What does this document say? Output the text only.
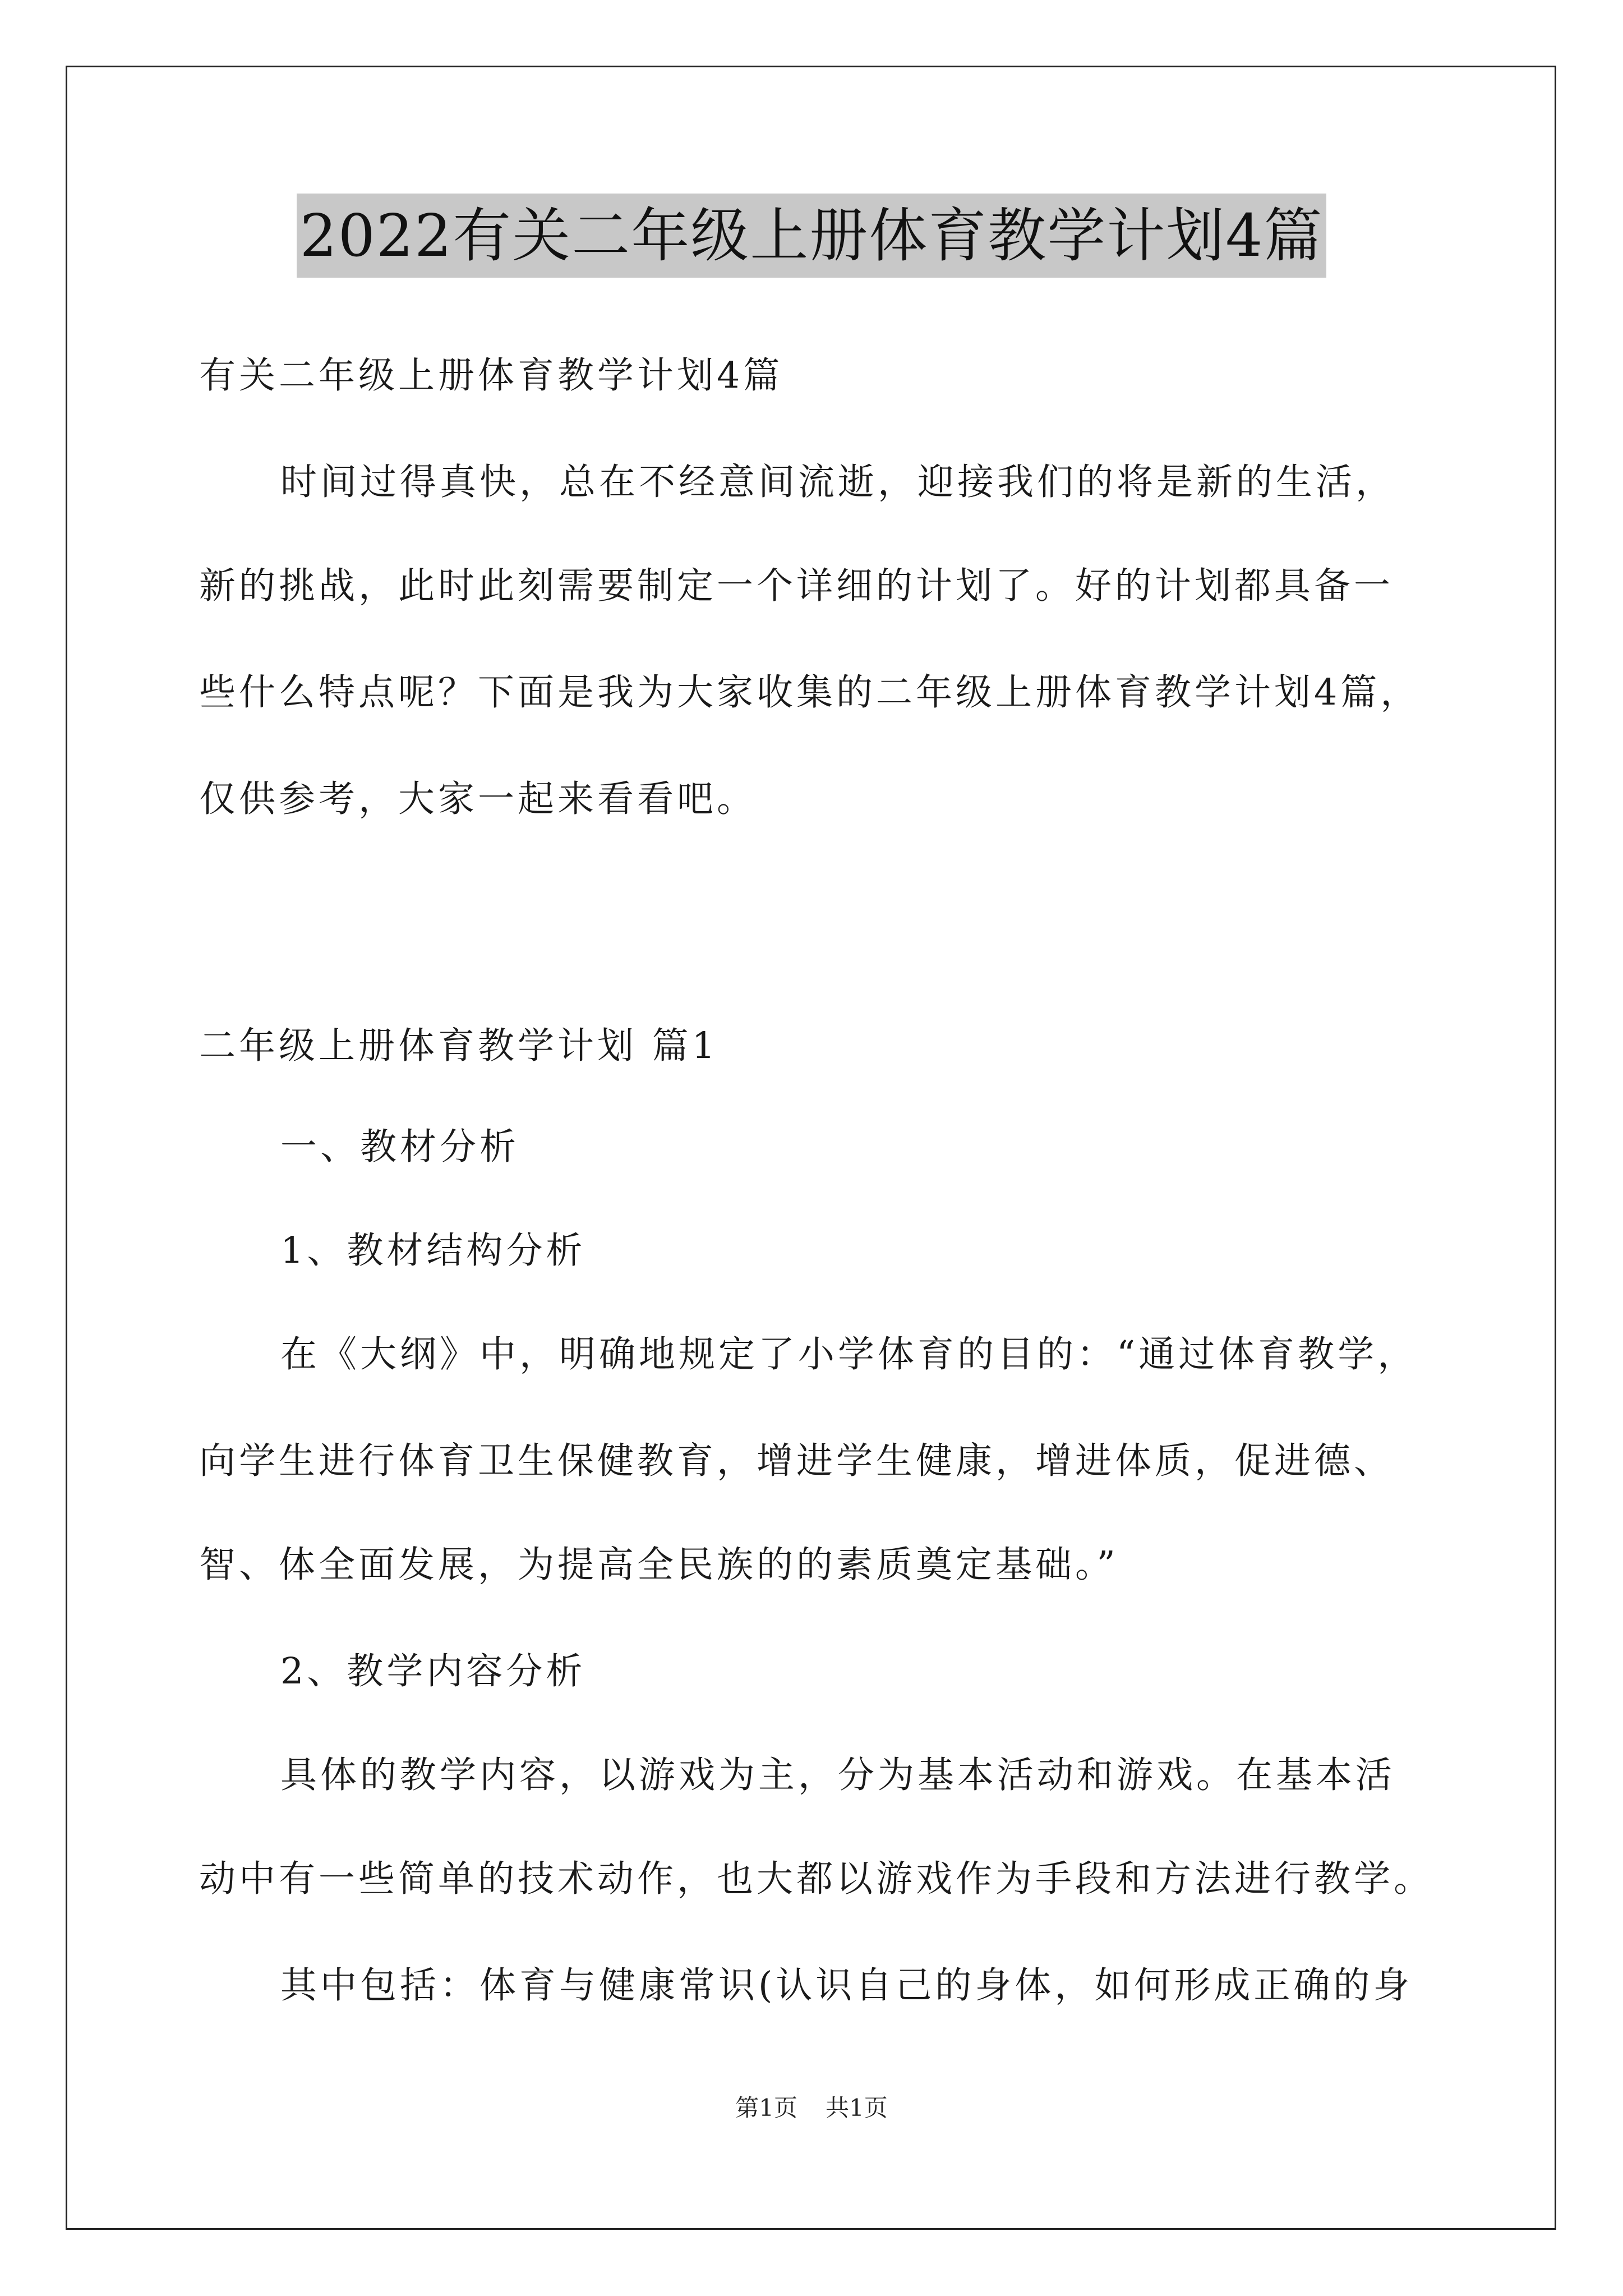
2022有关二年级上册体育教学计划4篇
有关二年级上册体育教学计划4篇
时间过得真快，总在不经意间流逝，迎接我们的将是新的生活，
新的挑战，此时此刻需要制定一个详细的计划了。好的计划都具备一
些什么特点呢？下面是我为大家收集的二年级上册体育教学计划4篇，
仅供参考，大家一起来看看吧。
二年级上册体育教学计划 篇1
一、教材分析
1、教材结构分析
在《大纲》中，明确地规定了小学体育的目的：“通过体育教学，
向学生进行体育卫生保健教育，增进学生健康，增进体质，促进德、
智、体全面发展，为提高全民族的的素质奠定基础。”
2、教学内容分析
具体的教学内容，以游戏为主，分为基本活动和游戏。在基本活
动中有一些简单的技术动作，也大都以游戏作为手段和方法进行教学。
其中包括：体育与健康常识(认识自己的身体，如何形成正确的身
第1页 共1页
